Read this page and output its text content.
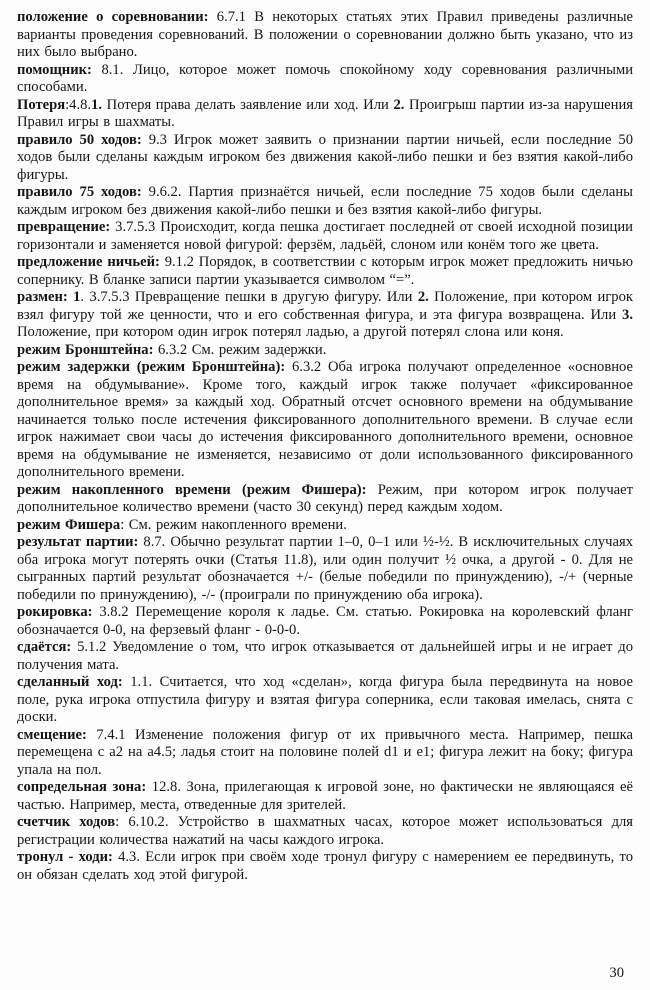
положение о соревновании: 6.7.1 В некоторых статьях этих Правил приведены различные варианты проведения соревнований. В положении о соревновании должно быть указано, что из них было выбрано.

помощник: 8.1. Лицо, которое может помочь спокойному ходу соревнования различными способами.

Потеря:4.8.1. Потеря права делать заявление или ход. Или 2. Проигрыш партии из-за нарушения Правил игры в шахматы.

правило 50 ходов: 9.3 Игрок может заявить о признании партии ничьей, если последние 50 ходов были сделаны каждым игроком без движения какой-либо пешки и без взятия какой-либо фигуры.

правило 75 ходов: 9.6.2. Партия признаётся ничьей, если последние 75 ходов были сделаны каждым игроком без движения какой-либо пешки и без взятия какой-либо фигуры.

превращение: 3.7.5.3 Происходит, когда пешка достигает последней от своей исходной позиции горизонтали и заменяется новой фигурой: ферзём, ладьёй, слоном или конём того же цвета.

предложение ничьей: 9.1.2 Порядок, в соответствии с которым игрок может предложить ничью сопернику. В бланке записи партии указывается символом “=”.

размен: 1. 3.7.5.3 Превращение пешки в другую фигуру. Или 2. Положение, при котором игрок взял фигуру той же ценности, что и его собственная фигура, и эта фигура возвращена. Или 3. Положение, при котором один игрок потерял ладью, а другой потерял слона или коня.

режим Бронштейна: 6.3.2 См. режим задержки.

режим задержки (режим Бронштейна): 6.3.2 Оба игрока получают определенное «основное время на обдумывание». Кроме того, каждый игрок также получает «фиксированное дополнительное время» за каждый ход. Обратный отсчет основного времени на обдумывание начинается только после истечения фиксированного дополнительного времени. В случае если игрок нажимает свои часы до истечения фиксированного дополнительного времени, основное время на обдумывание не изменяется, независимо от доли использованного фиксированного дополнительного времени.

режим накопленного времени (режим Фишера): Режим, при котором игрок получает дополнительное количество времени (часто 30 секунд) перед каждым ходом.

режим Фишера: См. режим накопленного времени.

результат партии: 8.7. Обычно результат партии 1–0, 0–1 или ½-½. В исключительных случаях оба игрока могут потерять очки (Статья 11.8), или один получит ½ очка, а другой - 0. Для не сыгранных партий результат обозначается +/- (белые победили по принуждению), -/+ (черные победили по принуждению), -/- (проиграли по принуждению оба игрока).

рокировка: 3.8.2 Перемещение короля к ладье. См. статью. Рокировка на королевский фланг обозначается 0-0, на ферзевый фланг - 0-0-0.

сдаётся: 5.1.2 Уведомление о том, что игрок отказывается от дальнейшей игры и не играет до получения мата.

сделанный ход: 1.1. Считается, что ход «сделан», когда фигура была передвинута на новое поле, рука игрока отпустила фигуру и взятая фигура соперника, если таковая имелась, снята с доски.

смещение: 7.4.1 Изменение положения фигур от их привычного места. Например, пешка перемещена с а2 на а4.5; ладья стоит на половине полей d1 и e1; фигура лежит на боку; фигура упала на пол.

сопредельная зона: 12.8. Зона, прилегающая к игровой зоне, но фактически не являющаяся её частью. Например, места, отведенные для зрителей.

счетчик ходов: 6.10.2. Устройство в шахматных часах, которое может использоваться для регистрации количества нажатий на часы каждого игрока.

тронул - ходи: 4.3. Если игрок при своём ходе тронул фигуру с намерением ее передвинуть, то он обязан сделать ход этой фигурой.

30
